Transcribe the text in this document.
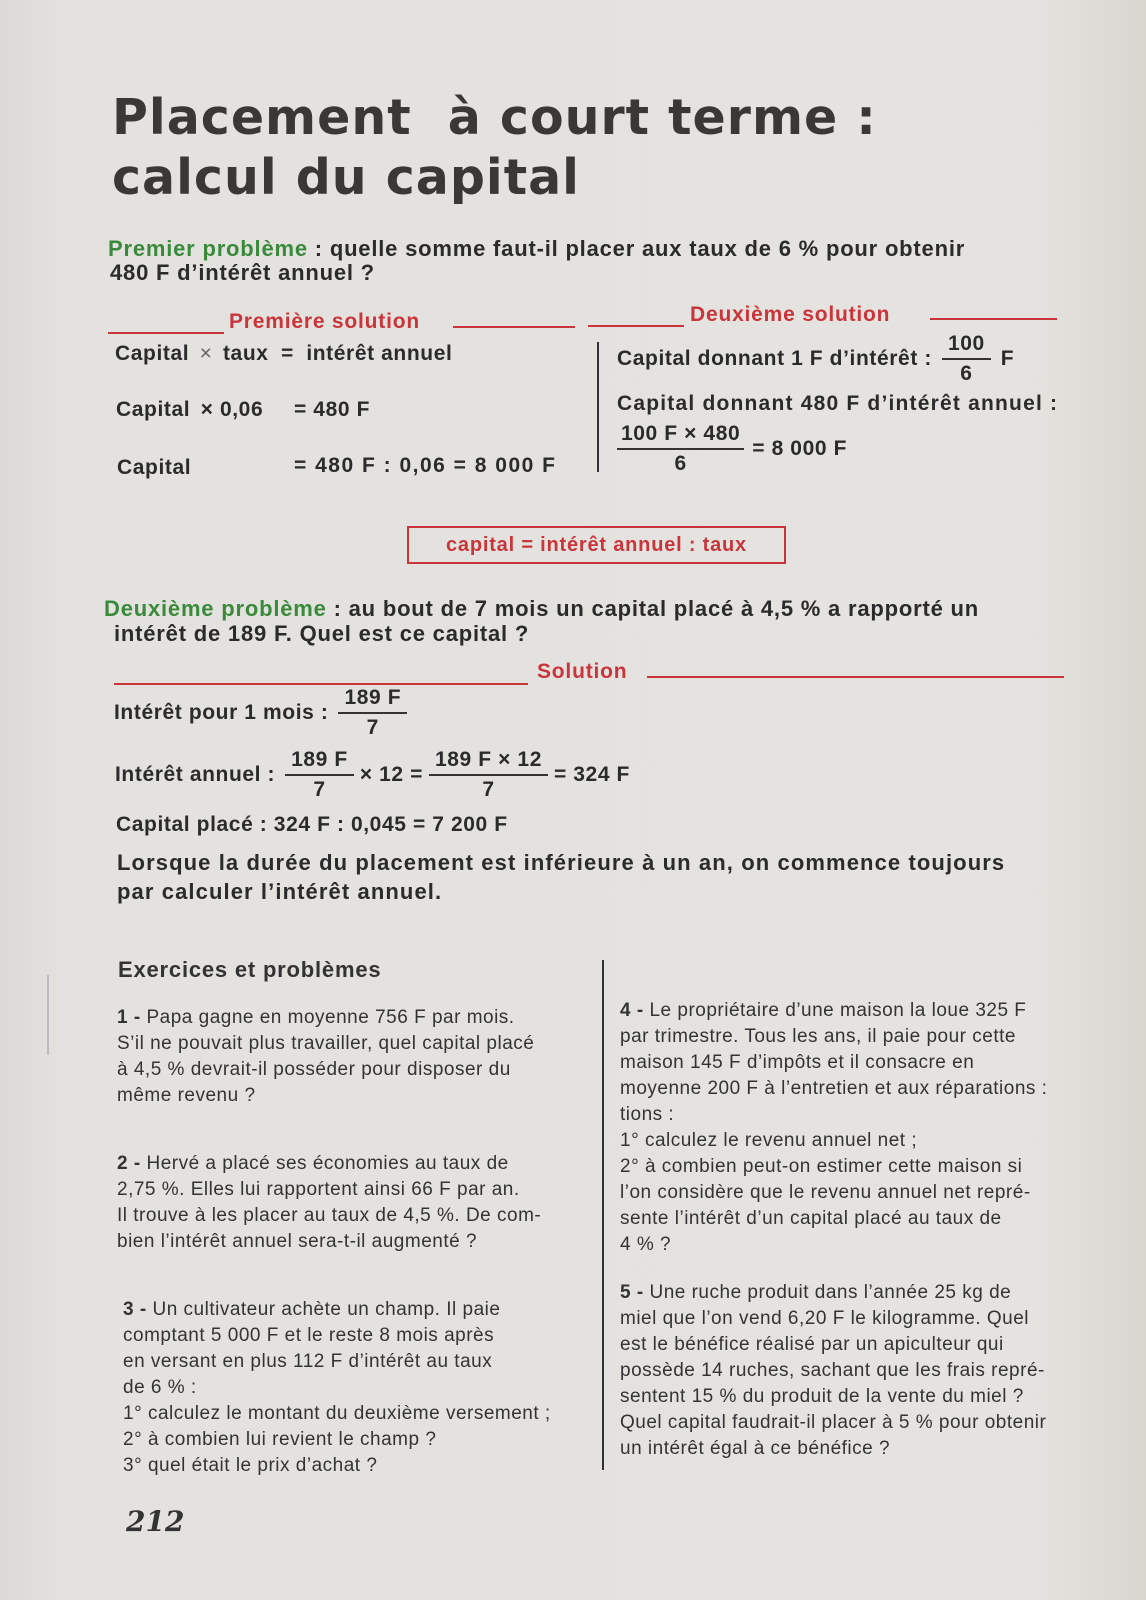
Placement  à court terme :
calcul du capital
Premier problème : quelle somme faut-il placer aux taux de 6 % pour obtenir
480 F d’intérêt annuel ?
Première solution	Deuxième solution
Capital × taux = intérêt annuel
Capital × 0,06 = 480 F
Capital	= 480 F : 0,06 = 8 000 F
Capital donnant 1 F d’intérêt : $\frac{100}{6}$ F
Capital donnant 480 F d’intérêt annuel :
$\frac{100 F \times 480}{6} = 8$ 000 F
capital = intérêt annuel : taux
Deuxième problème : au bout de 7 mois un capital placé à 4,5 % a rapporté un
intérêt de 189 F. Quel est ce capital ?
Solution
Intérêt pour 1 mois : $\frac{189 F}{7}$
Intérêt annuel : $\frac{189 F}{7} \times 12 = \frac{189 F \times 12}{7} = 324$ F
Capital placé : 324 F : 0,045 = 7 200 F
Lorsque la durée du placement est inférieure à un an, on commence toujours
par calculer l’intérêt annuel.
Exercices et problèmes
1 - Papa gagne en moyenne 756 F par mois.
S’il ne pouvait plus travailler, quel capital placé
à 4,5 % devrait-il posséder pour disposer du
même revenu ?
2 - Hervé a placé ses économies au taux de
2,75 %. Elles lui rapportent ainsi 66 F par an.
Il trouve à les placer au taux de 4,5 %. De com-
bien l’intérêt annuel sera-t-il augmenté ?
3 - Un cultivateur achète un champ. Il paie
comptant 5 000 F et le reste 8 mois après
en versant en plus 112 F d’intérêt au taux
de 6 % :
1° calculez le montant du deuxième versement ;
2° à combien lui revient le champ ?
3° quel était le prix d’achat ?
4 - Le propriétaire d’une maison la loue 325 F
par trimestre. Tous les ans, il paie pour cette
maison 145 F d’impôts et il consacre en
moyenne 200 F à l’entretien et aux réparations :
tions :
1° calculez le revenu annuel net ;
2° à combien peut-on estimer cette maison si
l’on considère que le revenu annuel net repré-
sente l’intérêt d’un capital placé au taux de
4 % ?
5 - Une ruche produit dans l’année 25 kg de
miel que l’on vend 6,20 F le kilogramme. Quel
est le bénéfice réalisé par un apiculteur qui
possède 14 ruches, sachant que les frais repré-
sentent 15 % du produit de la vente du miel ?
Quel capital faudrait-il placer à 5 % pour obtenir
un intérêt égal à ce bénéfice ?
212
